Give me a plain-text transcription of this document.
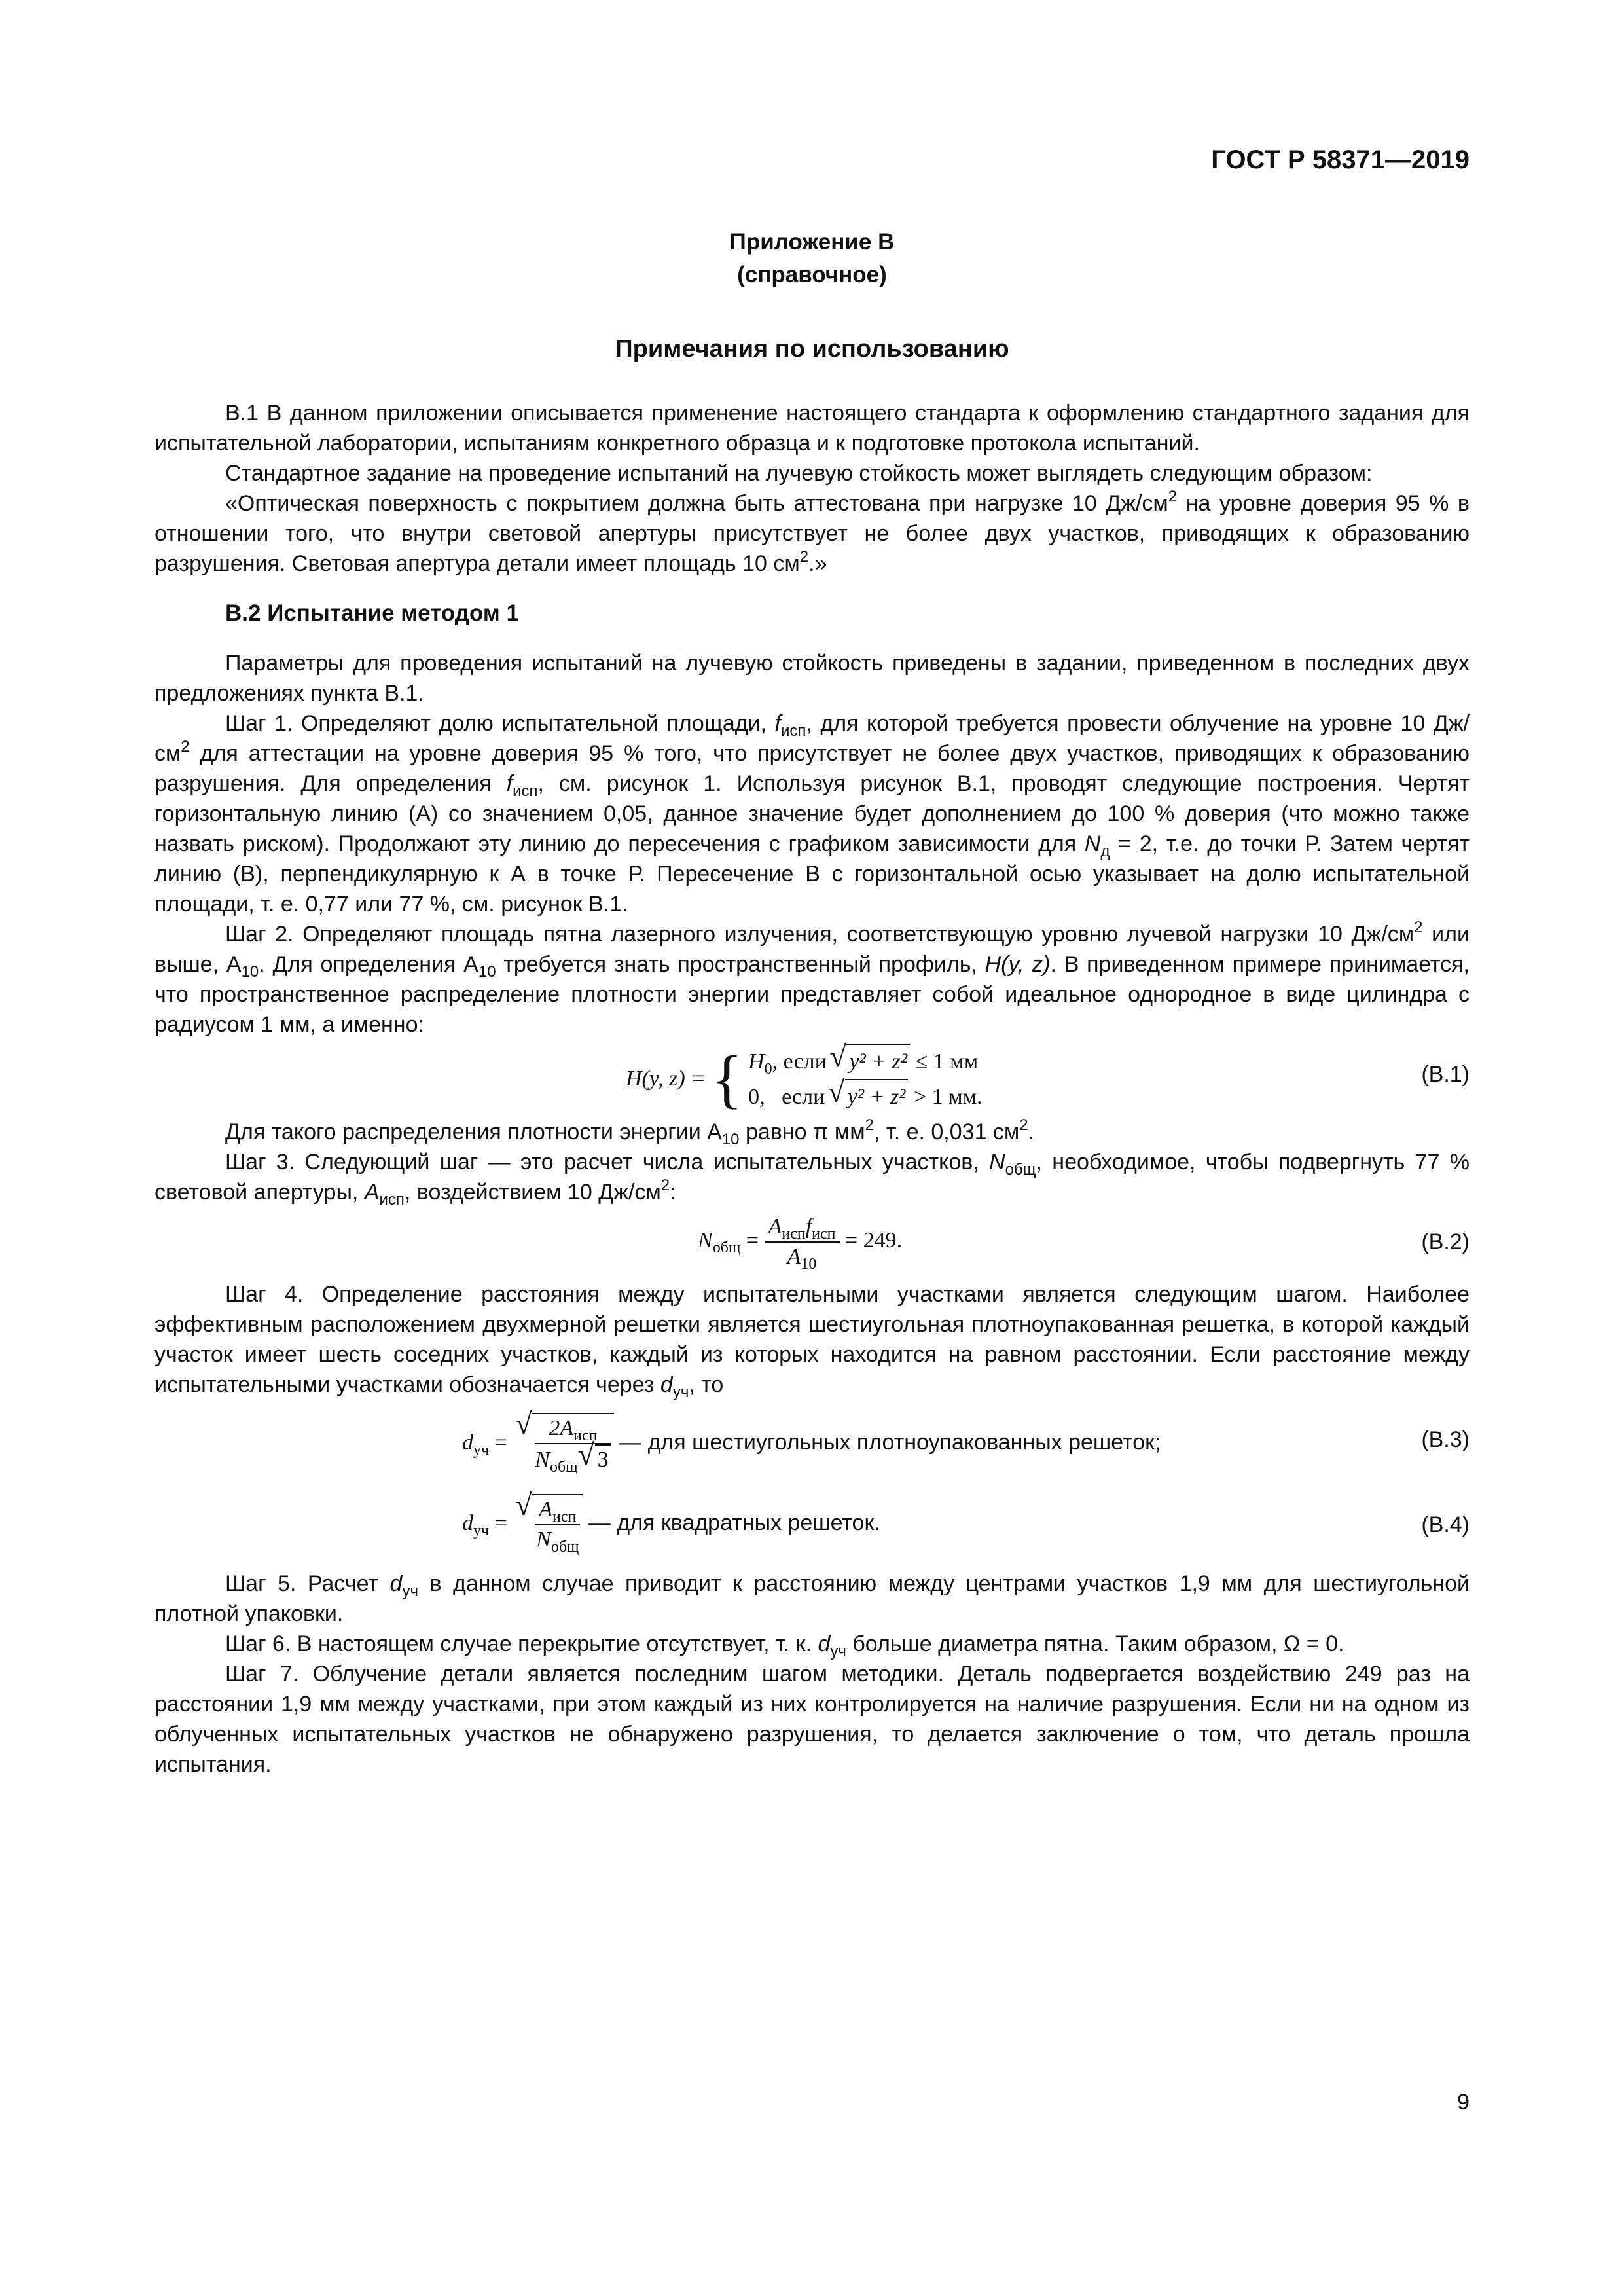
ГОСТ Р 58371—2019
Приложение В
(справочное)
Примечания по использованию

В.1 В данном приложении описывается применение настоящего стандарта к оформлению стандартного задания для испытательной лаборатории, испытаниям конкретного образца и к подготовке протокола испытаний.

Стандартное задание на проведение испытаний на лучевую стойкость может выглядеть следующим образом:

«Оптическая поверхность с покрытием должна быть аттестована при нагрузке 10 $Дж/см^2$ на уровне доверия 95 % в отношении того, что внутри световой апертуры присутствует не более двух участков, приводящих к образованию разрушения. Световая апертура детали имеет площадь 10 $см^2$.»

В.2 Испытание методом 1

Параметры для проведения испытаний на лучевую стойкость приведены в задании, приведенном в последних двух предложениях пункта В.1.

Шаг 1. Определяют долю испытательной площади, $f_{исп}$, для которой требуется провести облучение на уровне 10 $Дж/см^2$ для аттестации на уровне доверия 95 % того, что присутствует не более двух участков, приводящих к образованию разрушения. Для определения $f_{исп}$, см. рисунок 1. Используя рисунок В.1, проводят следующие построения. Чертят горизонтальную линию (А) со значением 0,05, данное значение будет дополнением до 100 % доверия (что можно также назвать риском). Продолжают эту линию до пересечения с графиком зависимости для $N_д = 2$, т.е. до точки Р. Затем чертят линию (В), перпендикулярную к А в точке Р. Пересечение В с горизонтальной осью указывает на долю испытательной площади, т. е. 0,77 или 77 %, см. рисунок В.1.

Шаг 2. Определяют площадь пятна лазерного излучения, соответствующую уровню лучевой нагрузки 10 $Дж/см^2$ или выше, $А_{10}$. Для определения $А_{10}$ требуется знать пространственный профиль, H(y, z). В приведенном примере принимается, что пространственное распределение плотности энергии представляет собой идеальное однородное в виде цилиндра с радиусом 1 мм, а именно:

H(y, z) = { $H_0$, если √ y² + z² ≤ 1 мм
0, если √ y² + z² > 1 мм.
(В.1)

Для такого распределения плотности энергии $А_{10}$ равно π $мм^2$, т. е. 0,031 $см^2$.

Шаг 3. Следующий шаг — это расчет числа испытательных участков, $N_{общ}$, необходимое, чтобы подвергнуть 77 % световой апертуры, $A_{исп}$, воздействием 10 $Дж/см^2$:

$N_{общ} = \frac{A_{исп}f_{исп}}{A_{10}} = 249$.	(В.2)

Шаг 4. Определение расстояния между испытательными участками является следующим шагом. Наиболее эффективным расположением двухмерной решетки является шестиугольная плотноупакованная решетка, в которой каждый участок имеет шесть соседних участков, каждый из которых находится на равном расстоянии. Если расстояние между испытательными участками обозначается через $d_{уч}$, то

$d_{уч}$ = √ $\frac{2A_{исп}}{N_{общ} √ 3}$ — для шестиугольных плотноупакованных решеток;	(В.3)
$d_{уч}$ = √ $\frac{A_{исп}}{N_{общ}}$ — для квадратных решеток.	(В.4)

Шаг 5. Расчет $d_{уч}$ в данном случае приводит к расстоянию между центрами участков 1,9 мм для шестиугольной плотной упаковки.

Шаг 6. В настоящем случае перекрытие отсутствует, т. к. $d_{уч}$ больше диаметра пятна. Таким образом, Ω = 0.

Шаг 7. Облучение детали является последним шагом методики. Деталь подвергается воздействию 249 раз на расстоянии 1,9 мм между участками, при этом каждый из них контролируется на наличие разрушения. Если ни на одном из облученных испытательных участков не обнаружено разрушения, то делается заключение о том, что деталь прошла испытания.

9
